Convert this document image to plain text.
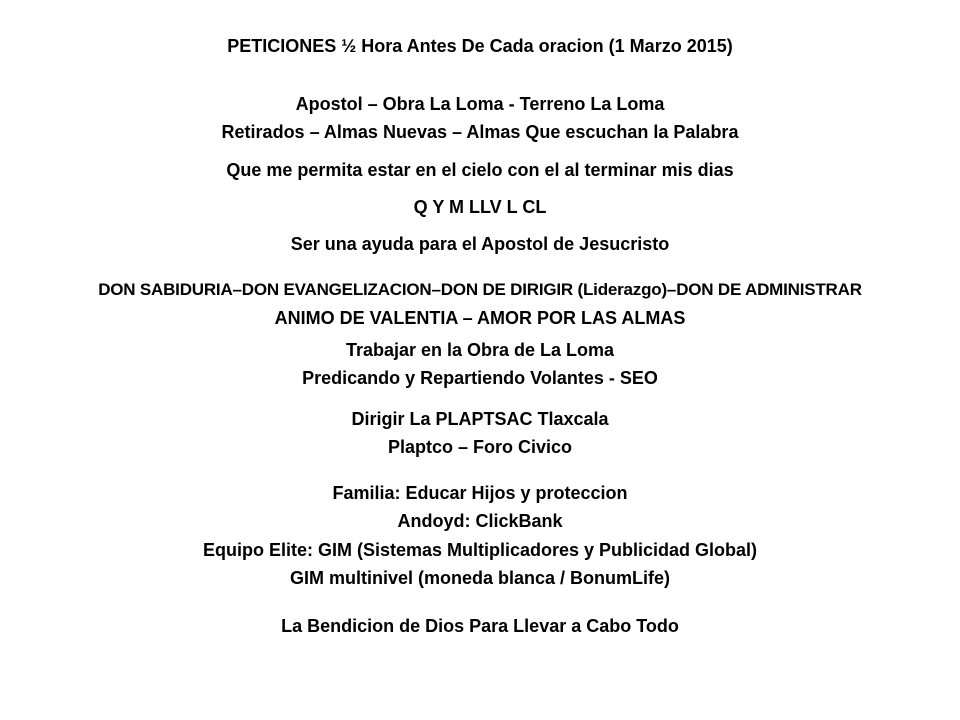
PETICIONES ½ Hora Antes De Cada oracion (1 Marzo 2015)
Apostol – Obra La Loma - Terreno La Loma
Retirados – Almas Nuevas – Almas Que escuchan la Palabra
Que me permita estar en el cielo con el al terminar mis dias
Q Y M LLV L CL
Ser una ayuda para el Apostol de Jesucristo
DON SABIDURIA–DON EVANGELIZACION–DON DE DIRIGIR (Liderazgo)–DON DE ADMINISTRAR
ANIMO DE VALENTIA – AMOR POR LAS ALMAS
Trabajar en la Obra de La Loma
Predicando y Repartiendo Volantes - SEO
Dirigir La PLAPTSAC Tlaxcala
Plaptco – Foro Civico
Familia: Educar Hijos y proteccion
Andoyd: ClickBank
Equipo Elite: GIM (Sistemas Multiplicadores y Publicidad Global)
GIM multinivel (moneda blanca / BonumLife)
La Bendicion de Dios Para Llevar a Cabo Todo
